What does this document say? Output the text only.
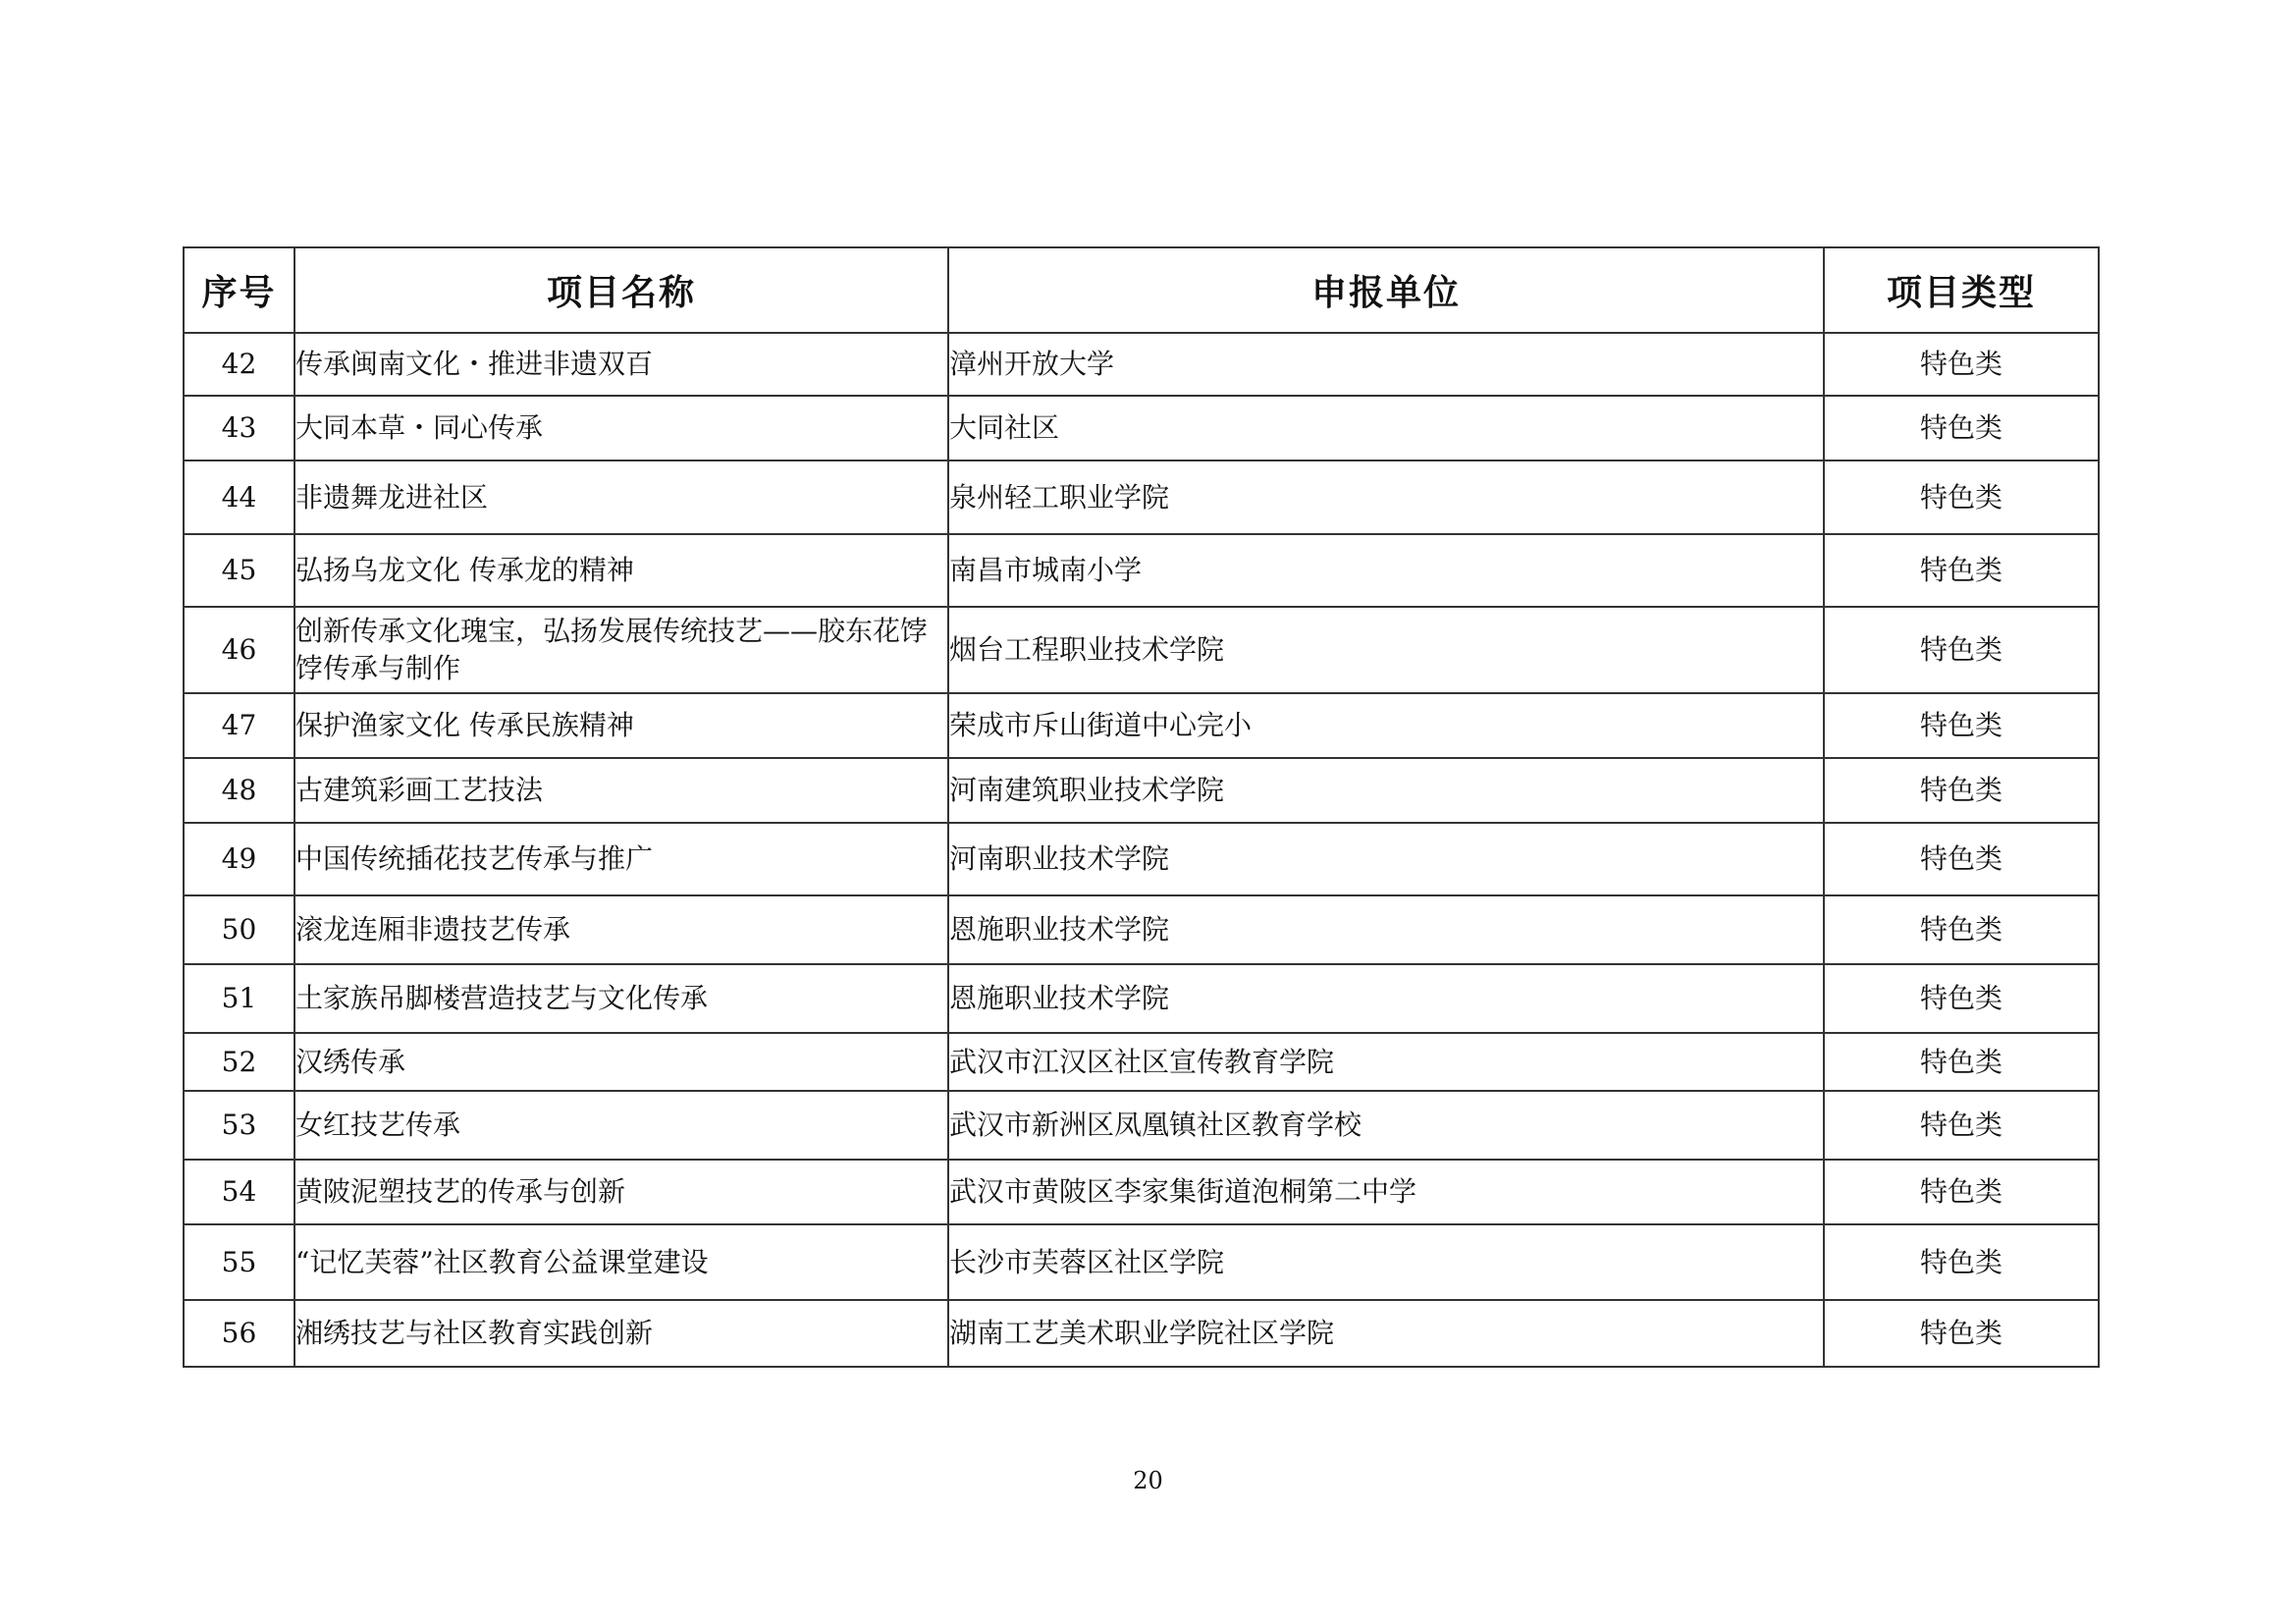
序号	项目名称	申报单位	项目类型
42	传承闽南文化・推进非遗双百	漳州开放大学	特色类
43	大同本草・同心传承	大同社区	特色类
44	非遗舞龙进社区	泉州轻工职业学院	特色类
45	弘扬乌龙文化 传承龙的精神	南昌市城南小学	特色类
46	创新传承文化瑰宝，弘扬发展传统技艺——胶东花饽饽传承与制作	烟台工程职业技术学院	特色类
47	保护渔家文化 传承民族精神	荣成市斥山街道中心完小	特色类
48	古建筑彩画工艺技法	河南建筑职业技术学院	特色类
49	中国传统插花技艺传承与推广	河南职业技术学院	特色类
50	滚龙连厢非遗技艺传承	恩施职业技术学院	特色类
51	土家族吊脚楼营造技艺与文化传承	恩施职业技术学院	特色类
52	汉绣传承	武汉市江汉区社区宣传教育学院	特色类
53	女红技艺传承	武汉市新洲区凤凰镇社区教育学校	特色类
54	黄陂泥塑技艺的传承与创新	武汉市黄陂区李家集街道泡桐第二中学	特色类
55	“记忆芙蓉”社区教育公益课堂建设	长沙市芙蓉区社区学院	特色类
56	湘绣技艺与社区教育实践创新	湖南工艺美术职业学院社区学院	特色类
20
